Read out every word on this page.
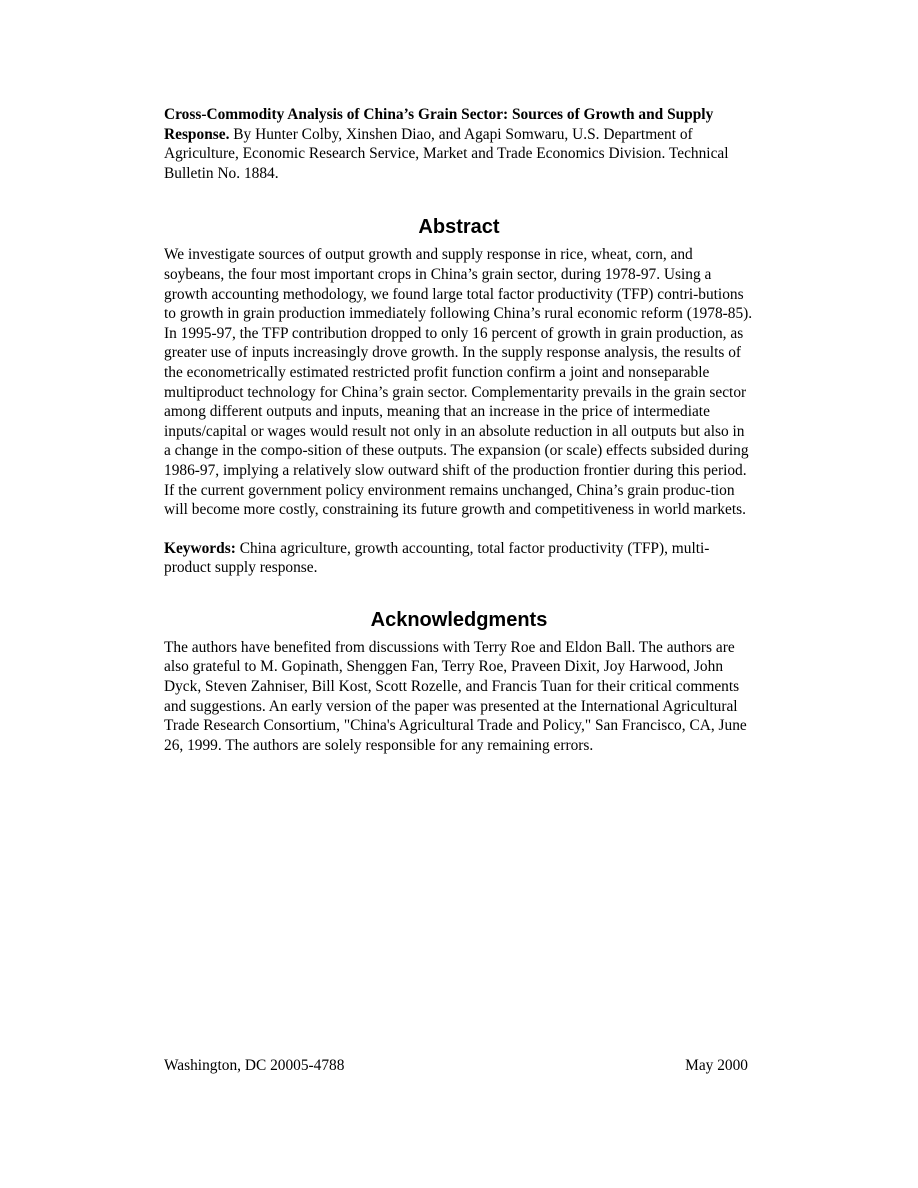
Cross-Commodity Analysis of China’s Grain Sector: Sources of Growth and Supply Response. By Hunter Colby, Xinshen Diao, and Agapi Somwaru, U.S. Department of Agriculture, Economic Research Service, Market and Trade Economics Division. Technical Bulletin No. 1884.

Abstract

We investigate sources of output growth and supply response in rice, wheat, corn, and soybeans, the four most important crops in China’s grain sector, during 1978-97. Using a growth accounting methodology, we found large total factor productivity (TFP) contri-butions to growth in grain production immediately following China’s rural economic reform (1978-85). In 1995-97, the TFP contribution dropped to only 16 percent of growth in grain production, as greater use of inputs increasingly drove growth. In the supply response analysis, the results of the econometrically estimated restricted profit function confirm a joint and nonseparable multiproduct technology for China’s grain sector. Complementarity prevails in the grain sector among different outputs and inputs, meaning that an increase in the price of intermediate inputs/capital or wages would result not only in an absolute reduction in all outputs but also in a change in the compo-sition of these outputs. The expansion (or scale) effects subsided during 1986-97, implying a relatively slow outward shift of the production frontier during this period. If the current government policy environment remains unchanged, China’s grain produc-tion will become more costly, constraining its future growth and competitiveness in world markets.

Keywords: China agriculture, growth accounting, total factor productivity (TFP), multi-product supply response.

Acknowledgments

The authors have benefited from discussions with Terry Roe and Eldon Ball. The authors are also grateful to M. Gopinath, Shenggen Fan, Terry Roe, Praveen Dixit, Joy Harwood, John Dyck, Steven Zahniser, Bill Kost, Scott Rozelle, and Francis Tuan for their critical comments and suggestions. An early version of the paper was presented at the International Agricultural Trade Research Consortium, "China's Agricultural Trade and Policy," San Francisco, CA, June 26, 1999. The authors are solely responsible for any remaining errors.

Washington, DC 20005-4788	May 2000
